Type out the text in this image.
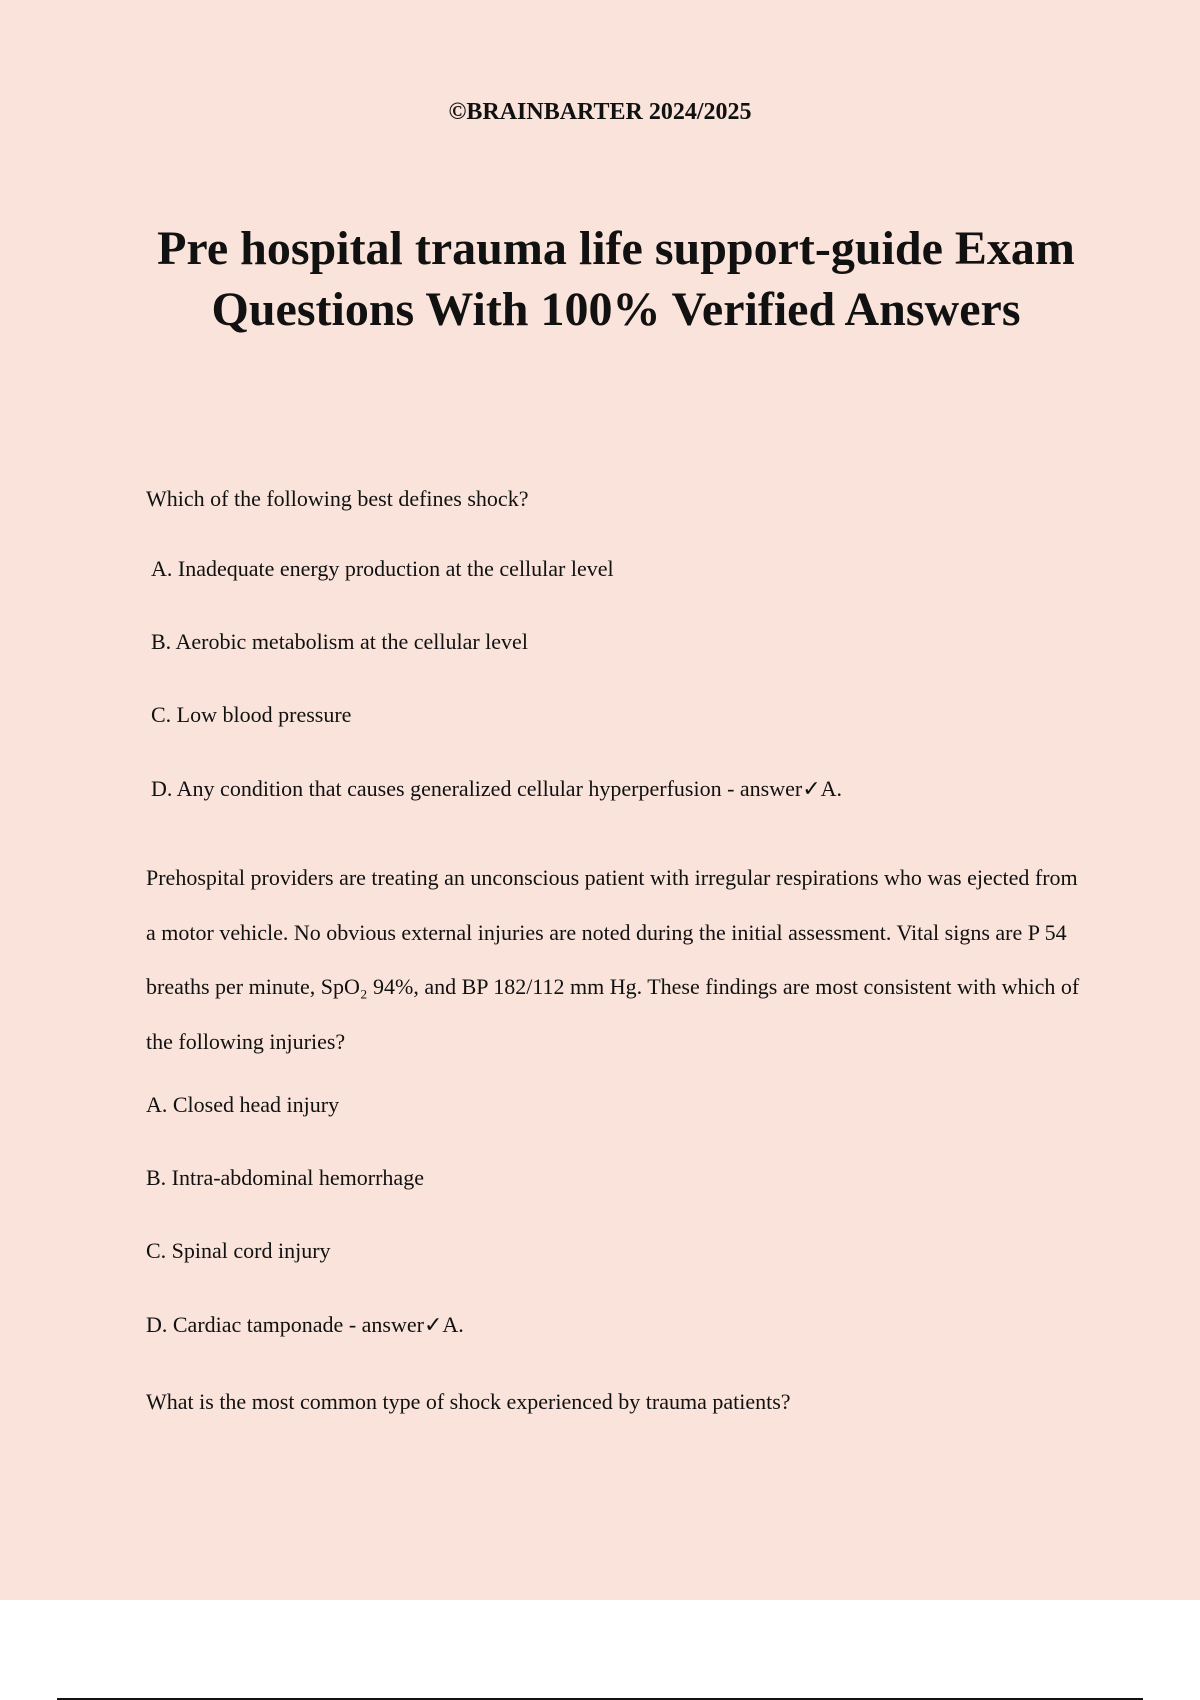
©BRAINBARTER 2024/2025
Pre hospital trauma life support-guide Exam Questions With 100% Verified Answers
Which of the following best defines shock?
A. Inadequate energy production at the cellular level
B. Aerobic metabolism at the cellular level
C. Low blood pressure
D. Any condition that causes generalized cellular hyperperfusion - answer✓A.

Prehospital providers are treating an unconscious patient with irregular respirations who was ejected from a motor vehicle. No obvious external injuries are noted during the initial assessment. Vital signs are P 54 breaths per minute, SpO₂ 94%, and BP 182/112 mm Hg. These findings are most consistent with which of the following injuries?

A. Closed head injury
B. Intra-abdominal hemorrhage
C. Spinal cord injury
D. Cardiac tamponade - answer✓A.
What is the most common type of shock experienced by trauma patients?
